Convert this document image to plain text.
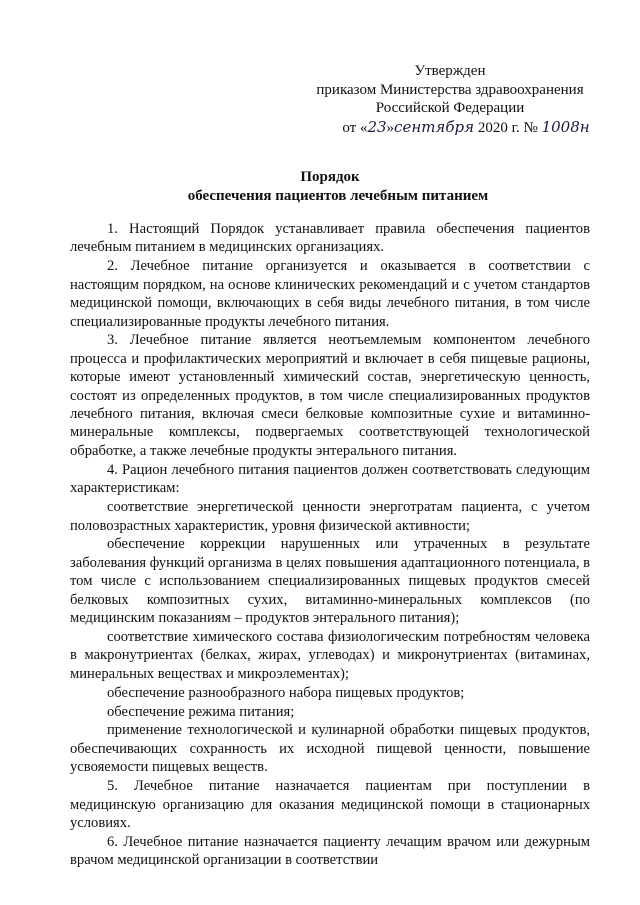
Утвержден
приказом Министерства здравоохранения
Российской Федерации
от «23»сентября 2020 г. № 1008н
Порядок
обеспечения пациентов лечебным питанием

1. Настоящий Порядок устанавливает правила обеспечения пациентов лечебным питанием в медицинских организациях.

2. Лечебное питание организуется и оказывается в соответствии с настоящим порядком, на основе клинических рекомендаций и с учетом стандартов медицинской помощи, включающих в себя виды лечебного питания, в том числе специализированные продукты лечебного питания.

3. Лечебное питание является неотъемлемым компонентом лечебного процесса и профилактических мероприятий и включает в себя пищевые рационы, которые имеют установленный химический состав, энергетическую ценность, состоят из определенных продуктов, в том числе специализированных продуктов лечебного питания, включая смеси белковые композитные сухие и витаминно-минеральные комплексы, подвергаемых соответствующей технологической обработке, а также лечебные продукты энтерального питания.

4. Рацион лечебного питания пациентов должен соответствовать следующим характеристикам:

соответствие энергетической ценности энерготратам пациента, с учетом половозрастных характеристик, уровня физической активности;

обеспечение коррекции нарушенных или утраченных в результате заболевания функций организма в целях повышения адаптационного потенциала, в том числе с использованием специализированных пищевых продуктов смесей белковых композитных сухих, витаминно-минеральных комплексов (по медицинским показаниям – продуктов энтерального питания);

соответствие химического состава физиологическим потребностям человека в макронутриентах (белках, жирах, углеводах) и микронутриентах (витаминах, минеральных веществах и микроэлементах);

обеспечение разнообразного набора пищевых продуктов;

обеспечение режима питания;

применение технологической и кулинарной обработки пищевых продуктов, обеспечивающих сохранность их исходной пищевой ценности, повышение усвояемости пищевых веществ.

5. Лечебное питание назначается пациентам при поступлении в медицинскую организацию для оказания медицинской помощи в стационарных условиях.

6. Лечебное питание назначается пациенту лечащим врачом или дежурным врачом медицинской организации в соответствии
